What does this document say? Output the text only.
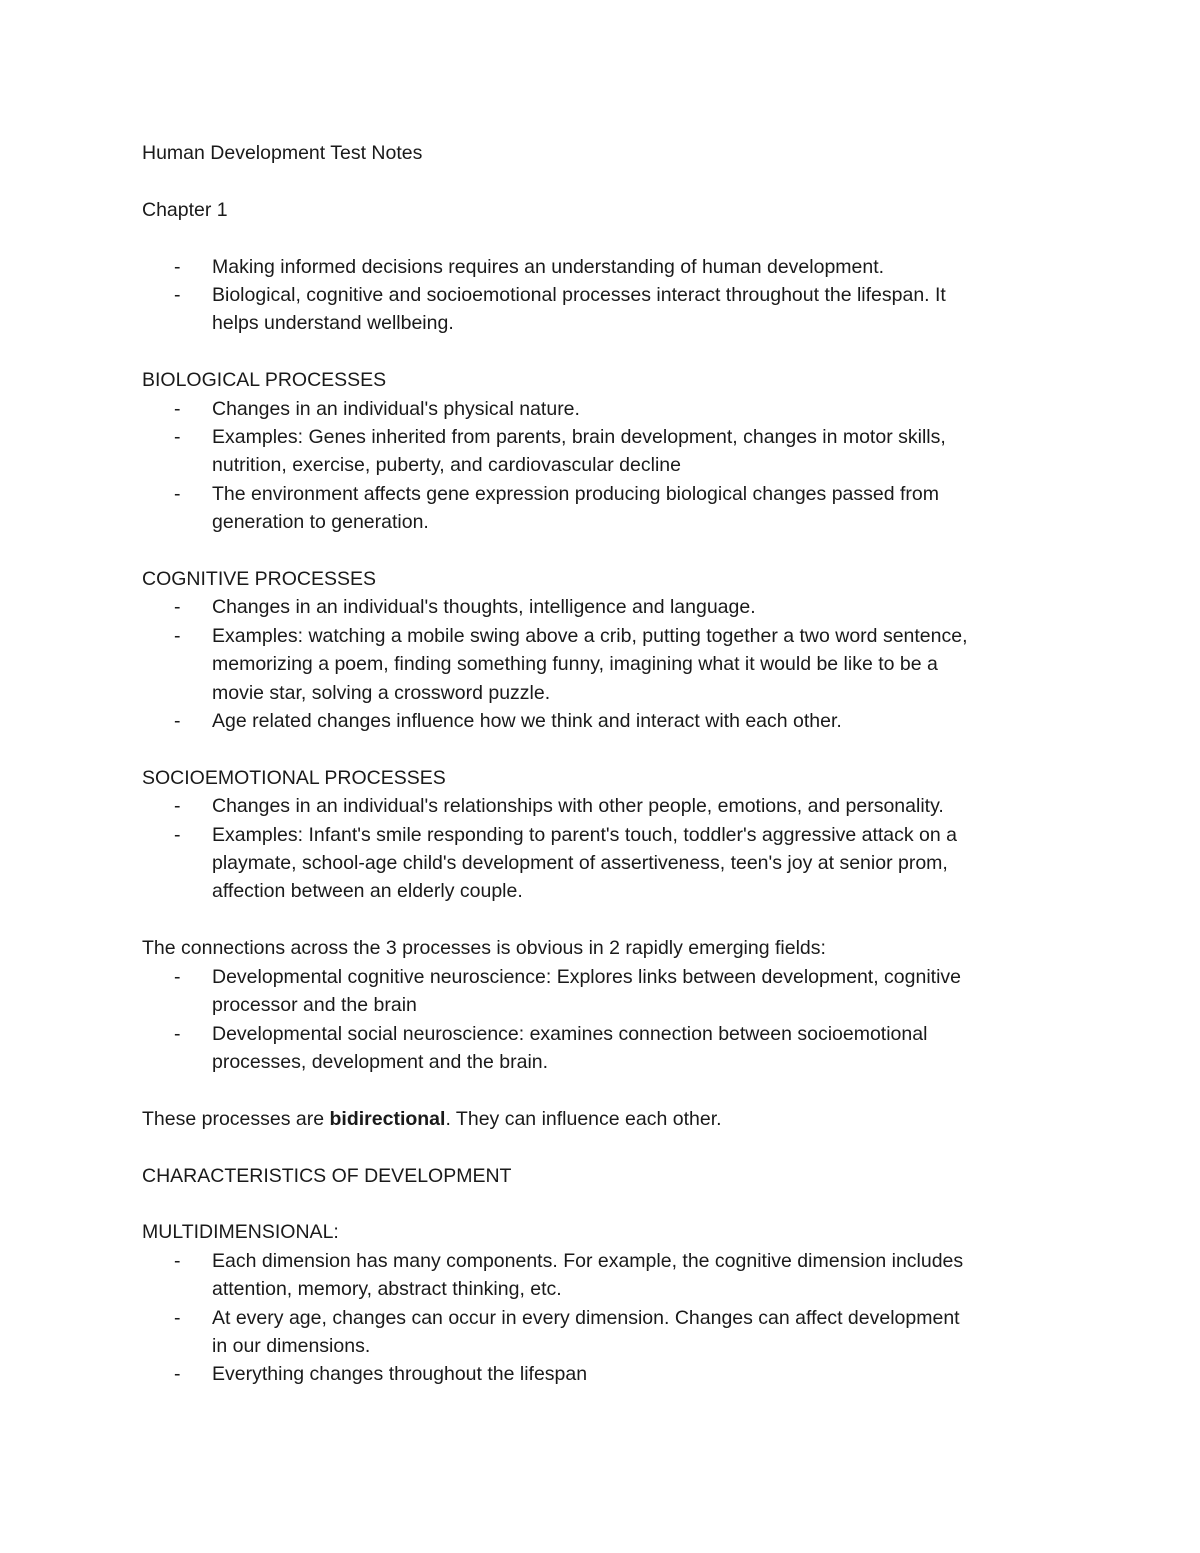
Human Development Test Notes

Chapter 1

- Making informed decisions requires an understanding of human development.
- Biological, cognitive and socioemotional processes interact throughout the lifespan. It
helps understand wellbeing.

BIOLOGICAL PROCESSES

- Changes in an individual's physical nature.
- Examples: Genes inherited from parents, brain development, changes in motor skills,
nutrition, exercise, puberty, and cardiovascular decline
- The environment affects gene expression producing biological changes passed from
generation to generation.

COGNITIVE PROCESSES

- Changes in an individual's thoughts, intelligence and language.
- Examples: watching a mobile swing above a crib, putting together a two word sentence,
memorizing a poem, finding something funny, imagining what it would be like to be a
movie star, solving a crossword puzzle.
- Age related changes influence how we think and interact with each other.

SOCIOEMOTIONAL PROCESSES

- Changes in an individual's relationships with other people, emotions, and personality.
- Examples: Infant's smile responding to parent's touch, toddler's aggressive attack on a
playmate, school-age child's development of assertiveness, teen's joy at senior prom,
affection between an elderly couple.

The connections across the 3 processes is obvious in 2 rapidly emerging fields:

- Developmental cognitive neuroscience: Explores links between development, cognitive
processor and the brain
- Developmental social neuroscience: examines connection between socioemotional
processes, development and the brain.

These processes are bidirectional. They can influence each other.

CHARACTERISTICS OF DEVELOPMENT

MULTIDIMENSIONAL:

- Each dimension has many components. For example, the cognitive dimension includes
attention, memory, abstract thinking, etc.
- At every age, changes can occur in every dimension. Changes can affect development
in our dimensions.
- Everything changes throughout the lifespan
